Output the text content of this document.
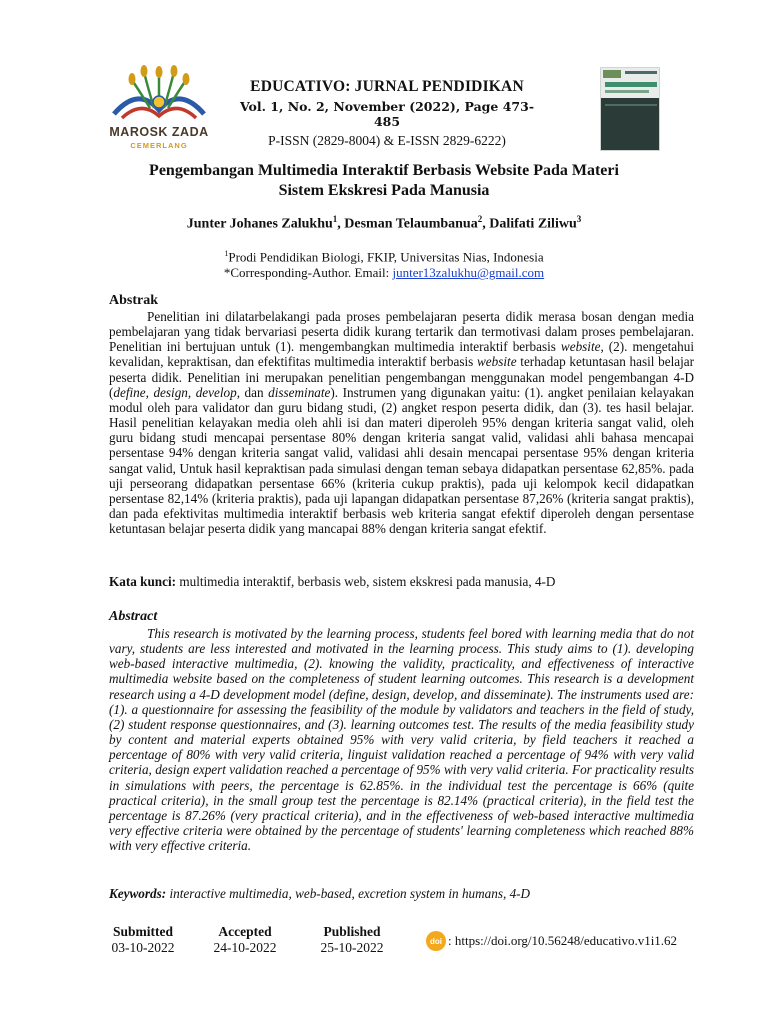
MAROSK ZADA
CEMERLANG
EDUCATIVO: JURNAL PENDIDIKAN
Vol. 1, No. 2, November (2022), Page 473-485
P-ISSN (2829-8004) & E-ISSN 2829-6222)
Pengembangan Multimedia Interaktif Berbasis Website Pada Materi
Sistem Ekskresi Pada Manusia
Junter Johanes Zalukhu$^1$, Desman Telaumbanua$^2$, Dalifati Ziliwu$^3$
$^1$Prodi Pendidikan Biologi, FKIP, Universitas Nias, Indonesia
*Corresponding-Author. Email: junter13zalukhu@gmail.com
Abstrak
Penelitian ini dilatarbelakangi pada proses pembelajaran peserta didik merasa bosan dengan media pembelajaran yang tidak bervariasi peserta didik kurang tertarik dan termotivasi dalam proses pembelajaran. Penelitian ini bertujuan untuk (1). mengembangkan multimedia interaktif berbasis website, (2). mengetahui kevalidan, kepraktisan, dan efektifitas multimedia interaktif berbasis website terhadap ketuntasan hasil belajar peserta didik. Penelitian ini merupakan penelitian pengembangan menggunakan model pengembangan 4-D (define, design, develop, dan disseminate). Instrumen yang digunakan yaitu: (1). angket penilaian kelayakan modul oleh para validator dan guru bidang studi, (2) angket respon peserta didik, dan (3). tes hasil belajar. Hasil penelitian kelayakan media oleh ahli isi dan materi diperoleh 95% dengan kriteria sangat valid, oleh guru bidang studi mencapai persentase 80% dengan kriteria sangat valid, validasi ahli bahasa mencapai persentase 94% dengan kriteria sangat valid, validasi ahli desain mencapai persentase 95% dengan kriteria sangat valid, Untuk hasil kepraktisan pada simulasi dengan teman sebaya didapatkan persentase 62,85%. pada uji perseorang didapatkan persentase 66% (kriteria cukup praktis), pada uji kelompok kecil didapatkan persentase 82,14% (kriteria praktis), pada uji lapangan didapatkan persentase 87,26% (kriteria sangat praktis), dan pada efektivitas multimedia interaktif berbasis web kriteria sangat efektif diperoleh dengan persentase ketuntasan belajar peserta didik yang mancapai 88% dengan kriteria sangat efektif.
Kata kunci: multimedia interaktif, berbasis web, sistem ekskresi pada manusia, 4-D
Abstract
This research is motivated by the learning process, students feel bored with learning media that do not vary, students are less interested and motivated in the learning process. This study aims to (1). developing web-based interactive multimedia, (2). knowing the validity, practicality, and effectiveness of interactive multimedia website based on the completeness of student learning outcomes. This research is a development research using a 4-D development model (define, design, develop, and disseminate). The instruments used are: (1). a questionnaire for assessing the feasibility of the module by validators and teachers in the field of study, (2) student response questionnaires, and (3). learning outcomes test. The results of the media feasibility study by content and material experts obtained 95% with very valid criteria, by field teachers it reached a percentage of 80% with very valid criteria, linguist validation reached a percentage of 94% with very valid criteria, design expert validation reached a percentage of 95% with very valid criteria. For practicality results in simulations with peers, the percentage is 62.85%. in the individual test the percentage is 66% (quite practical criteria), in the small group test the percentage is 82.14% (practical criteria), in the field test the percentage is 87.26% (very practical criteria), and in the effectiveness of web-based interactive multimedia very effective criteria were obtained by the percentage of students' learning completeness which reached 88% with very effective criteria.
Keywords: interactive multimedia, web-based, excretion system in humans, 4-D
Submitted
03-10-2022
Accepted
24-10-2022
Published
25-10-2022	doi : https://doi.org/10.56248/educativo.v1i1.62
